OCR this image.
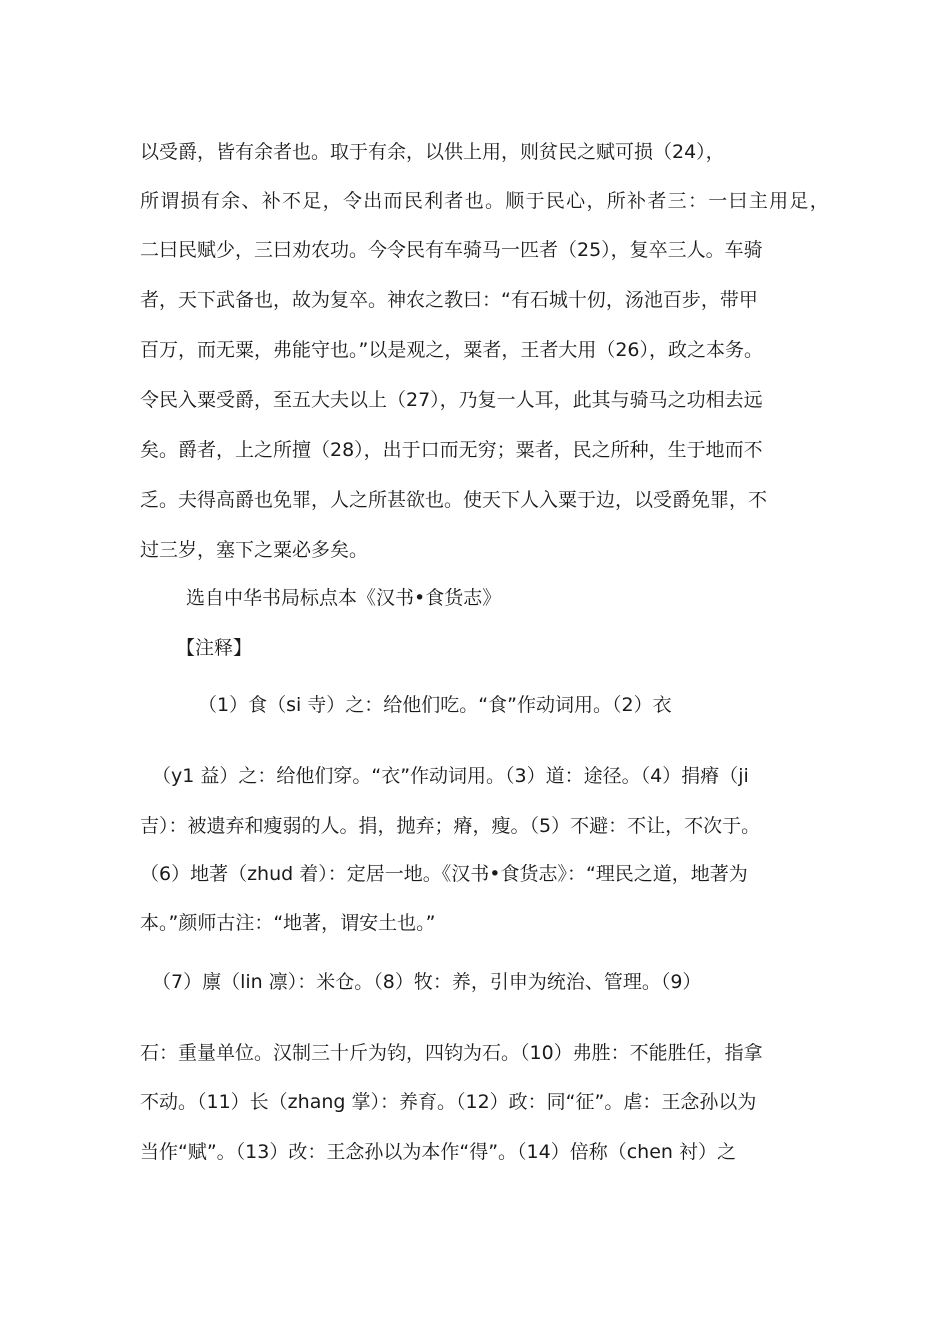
以受爵，皆有余者也。取于有余，以供上用，则贫民之赋可损（24），
所谓损有余、补不足，令出而民利者也。顺于民心，所补者三：一曰主用足，
二曰民赋少，三曰劝农功。今令民有车骑马一匹者（25），复卒三人。车骑
者，天下武备也，故为复卒。神农之教曰：“有石城十仞，汤池百步，带甲
百万，而无粟，弗能守也。”以是观之，粟者，王者大用（26），政之本务。
令民入粟受爵，至五大夫以上（27），乃复一人耳，此其与骑马之功相去远
矣。爵者，上之所擅（28），出于口而无穷；粟者，民之所种，生于地而不
乏。夫得高爵也免罪，人之所甚欲也。使天下人入粟于边，以受爵免罪，不
过三岁，塞下之粟必多矣。
选自中华书局标点本《汉书•食货志》
【注释】
（1）食（si 寺）之：给他们吃。“食”作动词用。（2）衣
（y1 益）之：给他们穿。“衣”作动词用。（3）道：途径。（4）捐瘠（ji
吉）：被遗弃和瘦弱的人。捐，抛弃；瘠，瘦。（5）不避：不让，不次于。
（6）地著（zhud 着）：定居一地。《汉书•食货志》：“理民之道，地著为
本。”颜师古注：“地著，谓安土也。”
（7）廪（lin 凛）：米仓。（8）牧：养，引申为统治、管理。（9）
石：重量单位。汉制三十斤为钧，四钧为石。（10）弗胜：不能胜任，指拿
不动。（11）长（zhang 掌）：养育。（12）政：同“征”。虐：王念孙以为
当作“赋”。（13）改：王念孙以为本作“得”。（14）倍称（chen 衬）之
